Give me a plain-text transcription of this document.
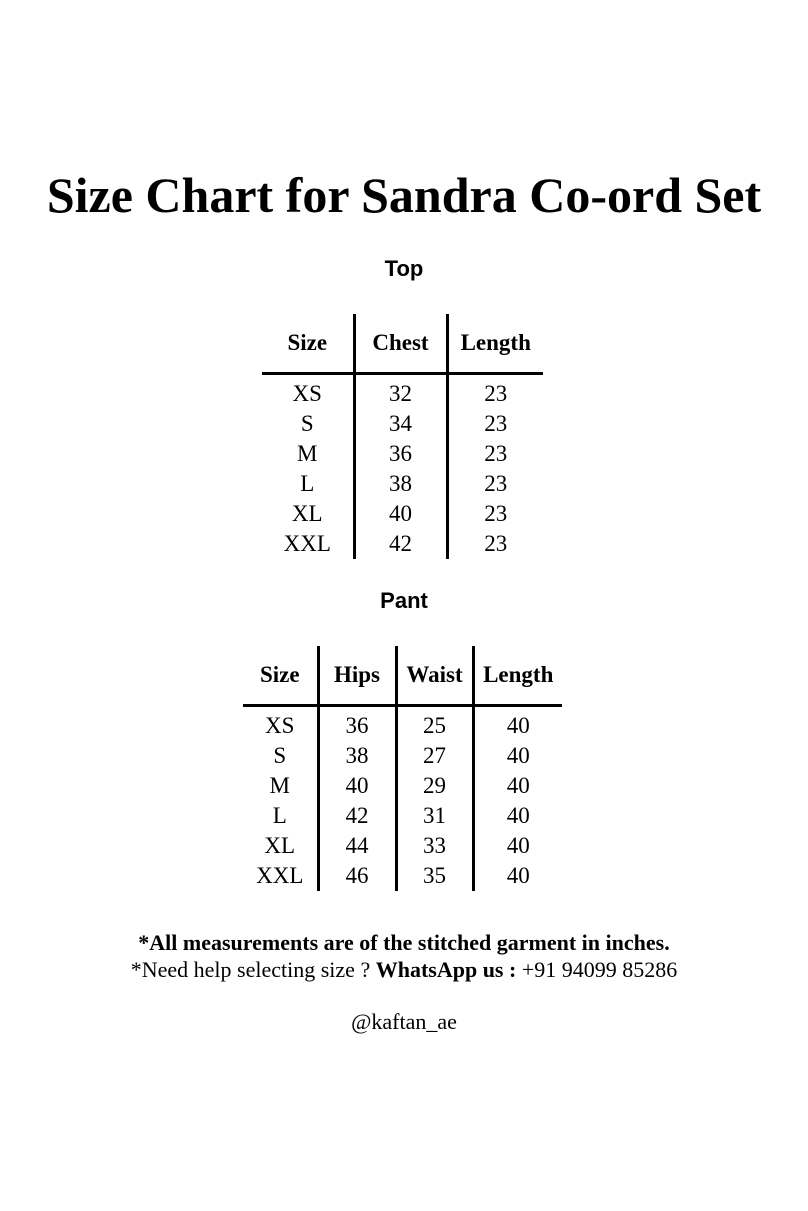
Size Chart for Sandra Co-ord Set
Top
Size	Chest	Length

XS	32	23
S	34	23
M	36	23
L	38	23
XL	40	23
XXL	42	23
Pant
Size	Hips	Waist	Length

XS	36	25	40
S	38	27	40
M	40	29	40
L	42	31	40
XL	44	33	40
XXL	46	35	40
*All measurements are of the stitched garment in inches.
*Need help selecting size ? WhatsApp us : +91 94099 85286
@kaftan_ae
